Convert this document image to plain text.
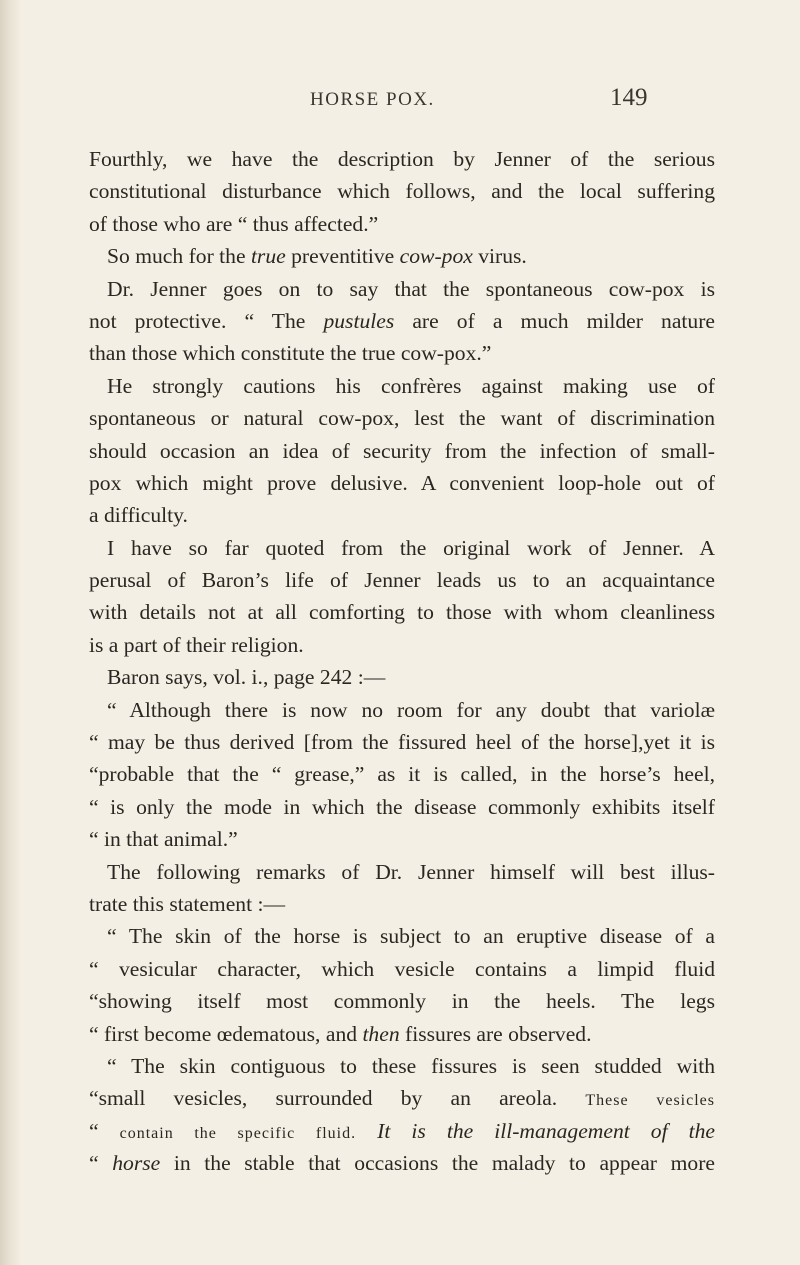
HORSE POX.	149
Fourthly, we have the description by Jenner of the serious
constitutional disturbance which follows, and the local suffering
of those who are “ thus affected.”
So much for the true preventitive cow-pox virus.
Dr. Jenner goes on to say that the spontaneous cow-pox is
not protective. “ The pustules are of a much milder nature
than those which constitute the true cow-pox.”
He strongly cautions his confrères against making use of
spontaneous or natural cow-pox, lest the want of discrimination
should occasion an idea of security from the infection of small-
pox which might prove delusive. A convenient loop-hole out of
a difficulty.
I have so far quoted from the original work of Jenner. A
perusal of Baron’s life of Jenner leads us to an acquaintance
with details not at all comforting to those with whom cleanliness
is a part of their religion.
Baron says, vol. i., page 242 :—
“ Although there is now no room for any doubt that variolæ
“ may be thus derived [from the fissured heel of the horse],yet it is
“probable that the “ grease,” as it is called, in the horse’s heel,
“ is only the mode in which the disease commonly exhibits itself
“ in that animal.”
The following remarks of Dr. Jenner himself will best illus-
trate this statement :—
“ The skin of the horse is subject to an eruptive disease of a
“ vesicular character, which vesicle contains a limpid fluid
“showing itself most commonly in the heels. The legs
“ first become œdematous, and then fissures are observed.
“ The skin contiguous to these fissures is seen studded with
“small vesicles, surrounded by an areola. These vesicles
“ contain the specific fluid. It is the ill-management of the
“ horse in the stable that occasions the malady to appear more
